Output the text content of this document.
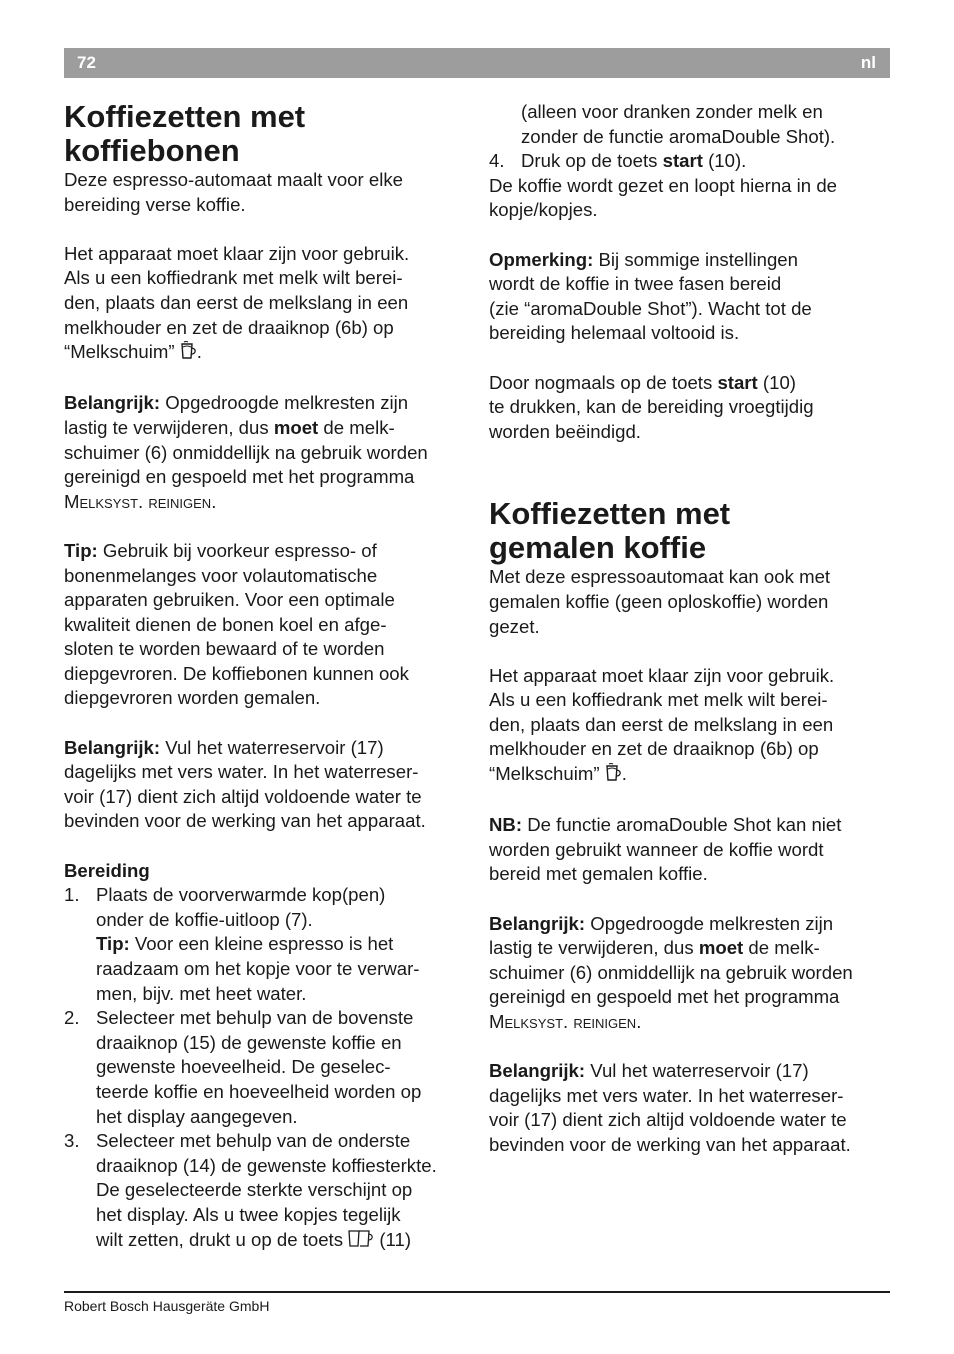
72	nl
Koffiezetten met
koffiebonen

Deze espresso-automaat maalt voor elke

bereiding verse koffie.

Het apparaat moet klaar zijn voor gebruik.

Als u een koffiedrank met melk wilt berei-

den, plaats dan eerst de melkslang in een

melkhouder en zet de draaiknop (6b) op

“Melkschuim” .

Belangrijk: Opgedroogde melkresten zijn

lastig te verwijderen, dus moet de melk-

schuimer (6) onmiddellijk na gebruik worden

gereinigd en gespoeld met het programma

Melksyst. reinigen.

Tip: Gebruik bij voorkeur espresso- of

bonenmelanges voor volautomatische

apparaten gebruiken. Voor een optimale

kwaliteit dienen de bonen koel en afge-

sloten te worden bewaard of te worden

diepgevroren. De koffiebonen kunnen ook

diepgevroren worden gemalen.

Belangrijk: Vul het waterreservoir (17)

dagelijks met vers water. In het waterreser-

voir (17) dient zich altijd voldoende water te

bevinden voor de werking van het apparaat.

Bereiding

1. Plaats de voorverwarmde kop(pen)

onder de koffie-uitloop (7).

Tip: Voor een kleine espresso is het

raadzaam om het kopje voor te verwar-

men, bijv. met heet water.

2. Selecteer met behulp van de bovenste

draaiknop (15) de gewenste koffie en

gewenste hoeveelheid. De geselec-

teerde koffie en hoeveelheid worden op

het display aangegeven.

3. Selecteer met behulp van de onderste

draaiknop (14) de gewenste koffiesterkte.

De geselecteerde sterkte verschijnt op

het display. Als u twee kopjes tegelijk

wilt zetten, drukt u op de toets  (11)

(alleen voor dranken zonder melk en

zonder de functie aromaDouble Shot).

4. Druk op de toets start (10).

De koffie wordt gezet en loopt hierna in de

kopje/kopjes.

Opmerking: Bij sommige instellingen

wordt de koffie in twee fasen bereid

(zie “aromaDouble Shot”). Wacht tot de

bereiding helemaal voltooid is.

Door nogmaals op de toets start (10)

te drukken, kan de bereiding vroegtijdig

worden beëindigd.

Koffiezetten met
gemalen koffie

Met deze espressoautomaat kan ook met

gemalen koffie (geen oploskoffie) worden

gezet.

Het apparaat moet klaar zijn voor gebruik.

Als u een koffiedrank met melk wilt berei-

den, plaats dan eerst de melkslang in een

melkhouder en zet de draaiknop (6b) op

“Melkschuim” .

NB: De functie aromaDouble Shot kan niet

worden gebruikt wanneer de koffie wordt

bereid met gemalen koffie.

Belangrijk: Opgedroogde melkresten zijn

lastig te verwijderen, dus moet de melk-

schuimer (6) onmiddellijk na gebruik worden

gereinigd en gespoeld met het programma

Melksyst. reinigen.

Belangrijk: Vul het waterreservoir (17)

dagelijks met vers water. In het waterreser-

voir (17) dient zich altijd voldoende water te

bevinden voor de werking van het apparaat.

Robert Bosch Hausgeräte GmbH
